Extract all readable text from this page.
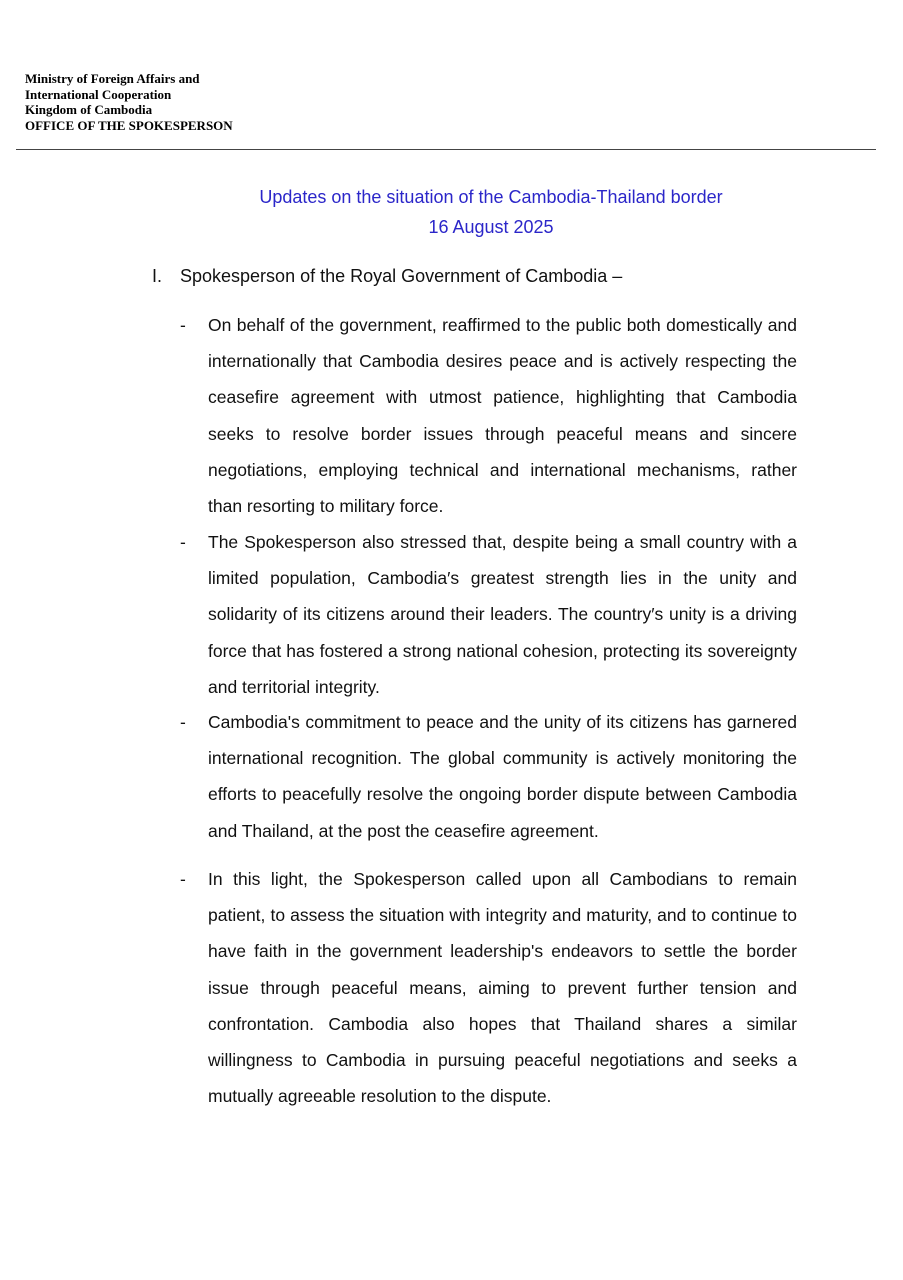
Ministry of Foreign Affairs and
International Cooperation
Kingdom of Cambodia
OFFICE OF THE SPOKESPERSON
Updates on the situation of the Cambodia-Thailand border
16 August 2025
I. Spokesperson of the Royal Government of Cambodia –
- On behalf of the government, reaffirmed to the public both domestically and internationally that Cambodia desires peace and is actively respecting the ceasefire agreement with utmost patience, highlighting that Cambodia seeks to resolve border issues through peaceful means and sincere negotiations, employing technical and international mechanisms, rather than resorting to military force.
- The Spokesperson also stressed that, despite being a small country with a limited population, Cambodia′s greatest strength lies in the unity and solidarity of its citizens around their leaders. The country′s unity is a driving force that has fostered a strong national cohesion, protecting its sovereignty and territorial integrity.
- Cambodia's commitment to peace and the unity of its citizens has garnered international recognition. The global community is actively monitoring the efforts to peacefully resolve the ongoing border dispute between Cambodia and Thailand, at the post the ceasefire agreement.
- In this light, the Spokesperson called upon all Cambodians to remain patient, to assess the situation with integrity and maturity, and to continue to have faith in the government leadership's endeavors to settle the border issue through peaceful means, aiming to prevent further tension and confrontation. Cambodia also hopes that Thailand shares a similar willingness to Cambodia in pursuing peaceful negotiations and seeks a mutually agreeable resolution to the dispute.
